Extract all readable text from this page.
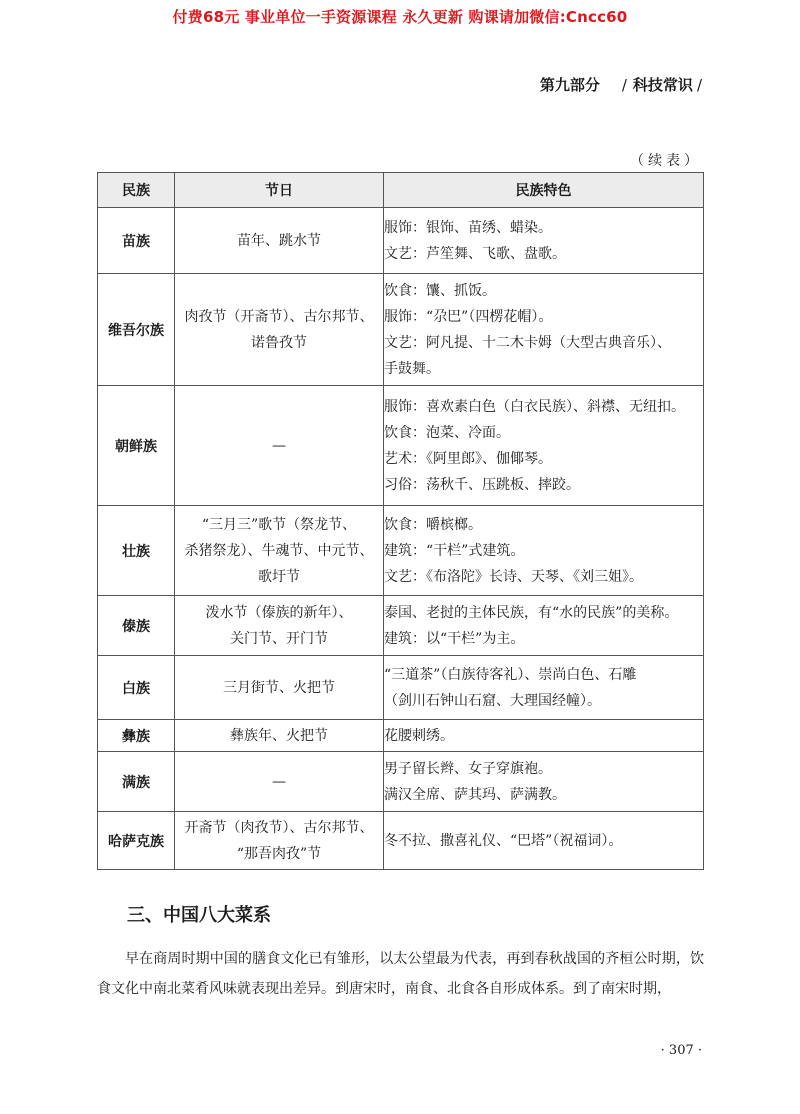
付费68元 事业单位一手资源课程 永久更新 购课请加微信:Cncc60
第九部分 / 科技常识 /
（续表）
民族	节日	民族特色
苗族	苗年、跳水节	服饰：银饰、苗绣、蜡染。
文艺：芦笙舞、飞歌、盘歌。

维吾尔族	肉孜节（开斋节）、古尔邦节、
诺鲁孜节	饮食：馕、抓饭。
服饰：“尕巴”（四楞花帽）。
文艺：阿凡提、十二木卡姆（大型古典音乐）、
手鼓舞。

朝鲜族	—	服饰：喜欢素白色（白衣民族）、斜襟、无纽扣。
饮食：泡菜、冷面。
艺术：《阿里郎》、伽倻琴。
习俗：荡秋千、压跳板、摔跤。

壮族	“三月三”歌节（祭龙节、
杀猪祭龙）、牛魂节、中元节、
歌圩节	饮食：嚼槟榔。
建筑：“干栏”式建筑。
文艺：《布洛陀》长诗、天琴、《刘三姐》。

傣族	泼水节（傣族的新年）、
关门节、开门节	泰国、老挝的主体民族，有“水的民族”的美称。
建筑：以“干栏”为主。

白族	三月街节、火把节	“三道茶”（白族待客礼）、崇尚白色、石雕
（剑川石钟山石窟、大理国经幢）。

彝族	彝族年、火把节	花腰刺绣。

满族	—	男子留长辫、女子穿旗袍。
满汉全席、萨其玛、萨满教。

哈萨克族	开斋节（肉孜节）、古尔邦节、
“那吾肉孜”节	冬不拉、撒喜礼仪、“巴塔”（祝福词）。
三、中国八大菜系
早在商周时期中国的膳食文化已有雏形，以太公望最为代表，再到春秋战国的齐桓公时期，饮食文化中南北菜肴风味就表现出差异。到唐宋时，南食、北食各自形成体系。到了南宋时期，
· 307 ·
